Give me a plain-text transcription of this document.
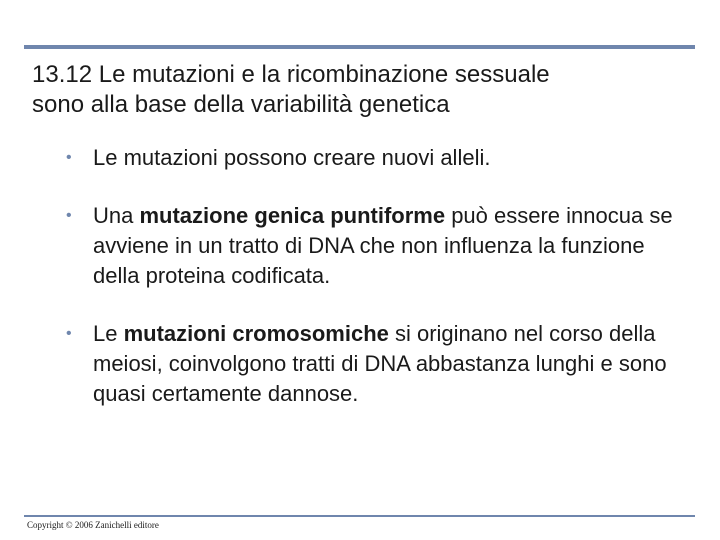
13.12 Le mutazioni e la ricombinazione sessuale
sono alla base della variabilità genetica
• Le mutazioni possono creare nuovi alleli.
• Una mutazione genica puntiforme può essere innocua se avviene in un tratto di DNA che non influenza la funzione della proteina codificata.
• Le mutazioni cromosomiche si originano nel corso della meiosi, coinvolgono tratti di DNA abbastanza lunghi e sono quasi certamente dannose.
Copyright © 2006 Zanichelli editore
